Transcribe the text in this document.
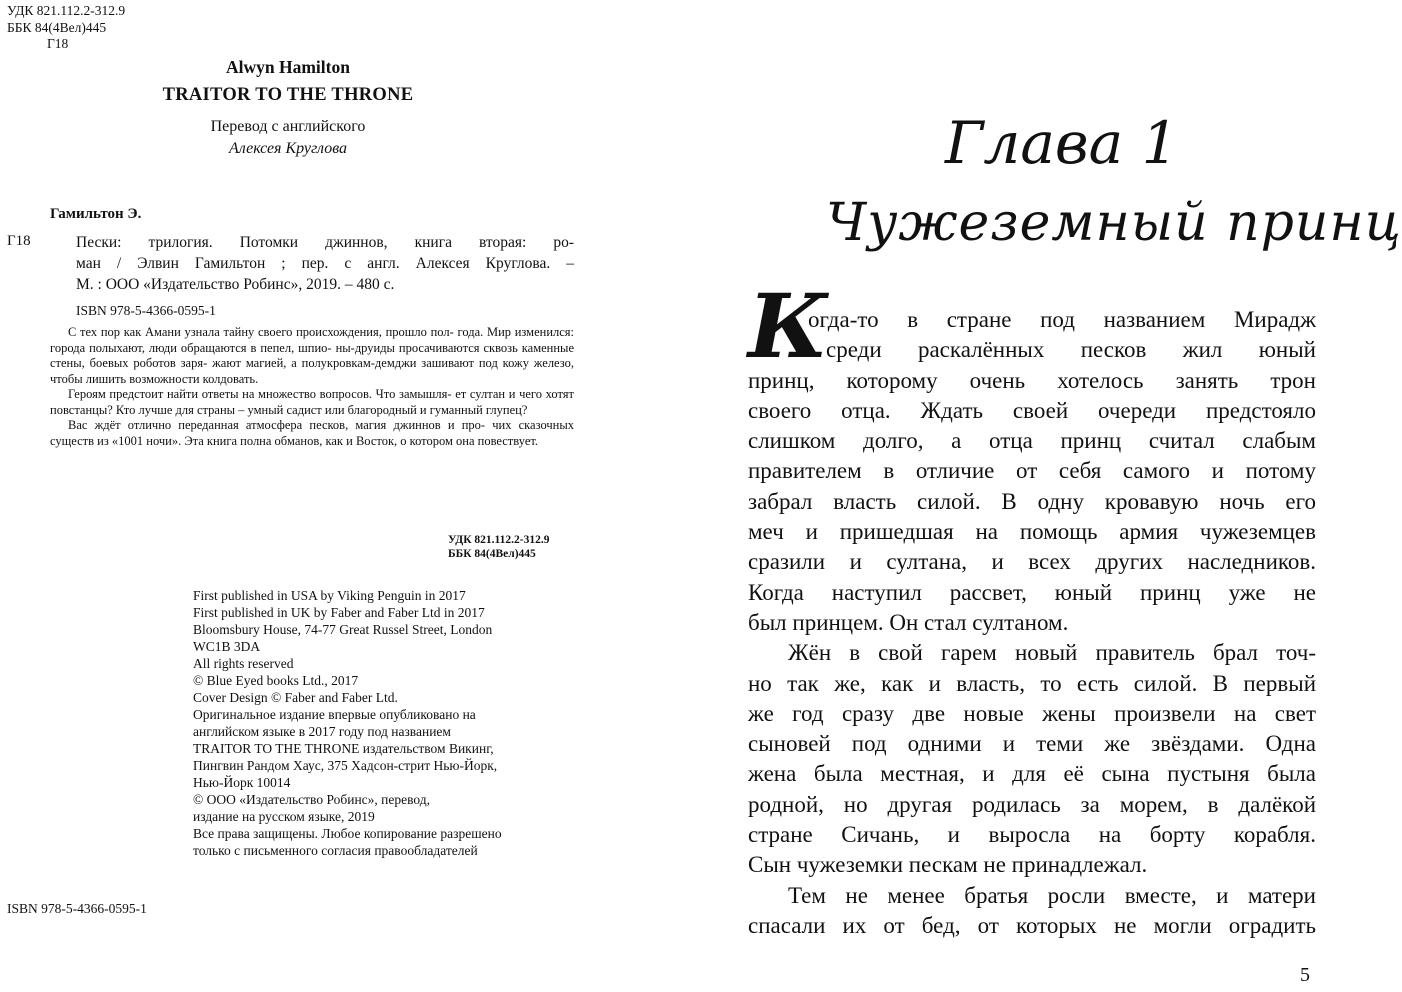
УДК 821.112.2-312.9
ББК 84(4Вел)445
Г18
Alwyn Hamilton
TRAITOR TO THE THRONE
Перевод с английского
Алексея Круглова
Гамильтон Э.
Г18	Пески: трилогия. Потомки джиннов, книга вторая: ро-
ман / Элвин Гамильтон ; пер. с англ. Алексея Круглова. –
М. : ООО «Издательство Робинс», 2019. – 480 с.
ISBN 978-5-4366-0595-1

С тех пор как Амани узнала тайну своего происхождения, прошло пол- года. Мир изменился: города полыхают, люди обращаются в пепел, шпио- ны-друиды просачиваются сквозь каменные стены, боевых роботов заря- жают магией, а полукровкам-демджи зашивают под кожу железо, чтобы лишить возможности колдовать.

Героям предстоит найти ответы на множество вопросов. Что замышля- ет султан и чего хотят повстанцы? Кто лучше для страны – умный садист или благородный и гуманный глупец?

Вас ждёт отлично переданная атмосфера песков, магия джиннов и про- чих сказочных существ из «1001 ночи». Эта книга полна обманов, как и Восток, о котором она повествует.

УДК 821.112.2-312.9
ББК 84(4Вел)445
First published in USA by Viking Penguin in 2017
First published in UK by Faber and Faber Ltd in 2017
Bloomsbury House, 74-77 Great Russel Street, London
WC1B 3DA
All rights reserved
© Blue Eyed books Ltd., 2017
Cover Design © Faber and Faber Ltd.
Оригинальное издание впервые опубликовано на
английском языке в 2017 году под названием
TRAITOR TO THE THRONE издательством Викинг,
Пингвин Рандом Хаус, 375 Хадсон-стрит Нью-Йорк,
Нью-Йорк 10014
© ООО «Издательство Робинс», перевод,
издание на русском языке, 2019
Все права защищены. Любое копирование разрешено
только с письменного согласия правообладателей
ISBN 978-5-4366-0595-1
Глава 1
Чужеземный принц
К
огда-то в стране под названием Мирадж
среди раскалённых песков жил юный
принц, которому очень хотелось занять трон
своего отца. Ждать своей очереди предстояло
слишком долго, а отца принц считал слабым
правителем в отличие от себя самого и потому
забрал власть силой. В одну кровавую ночь его
меч и пришедшая на помощь армия чужеземцев
сразили и султана, и всех других наследников.
Когда наступил рассвет, юный принц уже не
был принцем. Он стал султаном.
Жён в свой гарем новый правитель брал точ-
но так же, как и власть, то есть силой. В первый
же год сразу две новые жены произвели на свет
сыновей под одними и теми же звёздами. Одна
жена была местная, и для её сына пустыня была
родной, но другая родилась за морем, в далёкой
стране Сичань, и выросла на борту корабля.
Сын чужеземки пескам не принадлежал.
Тем не менее братья росли вместе, и матери
спасали их от бед, от которых не могли оградить
5
